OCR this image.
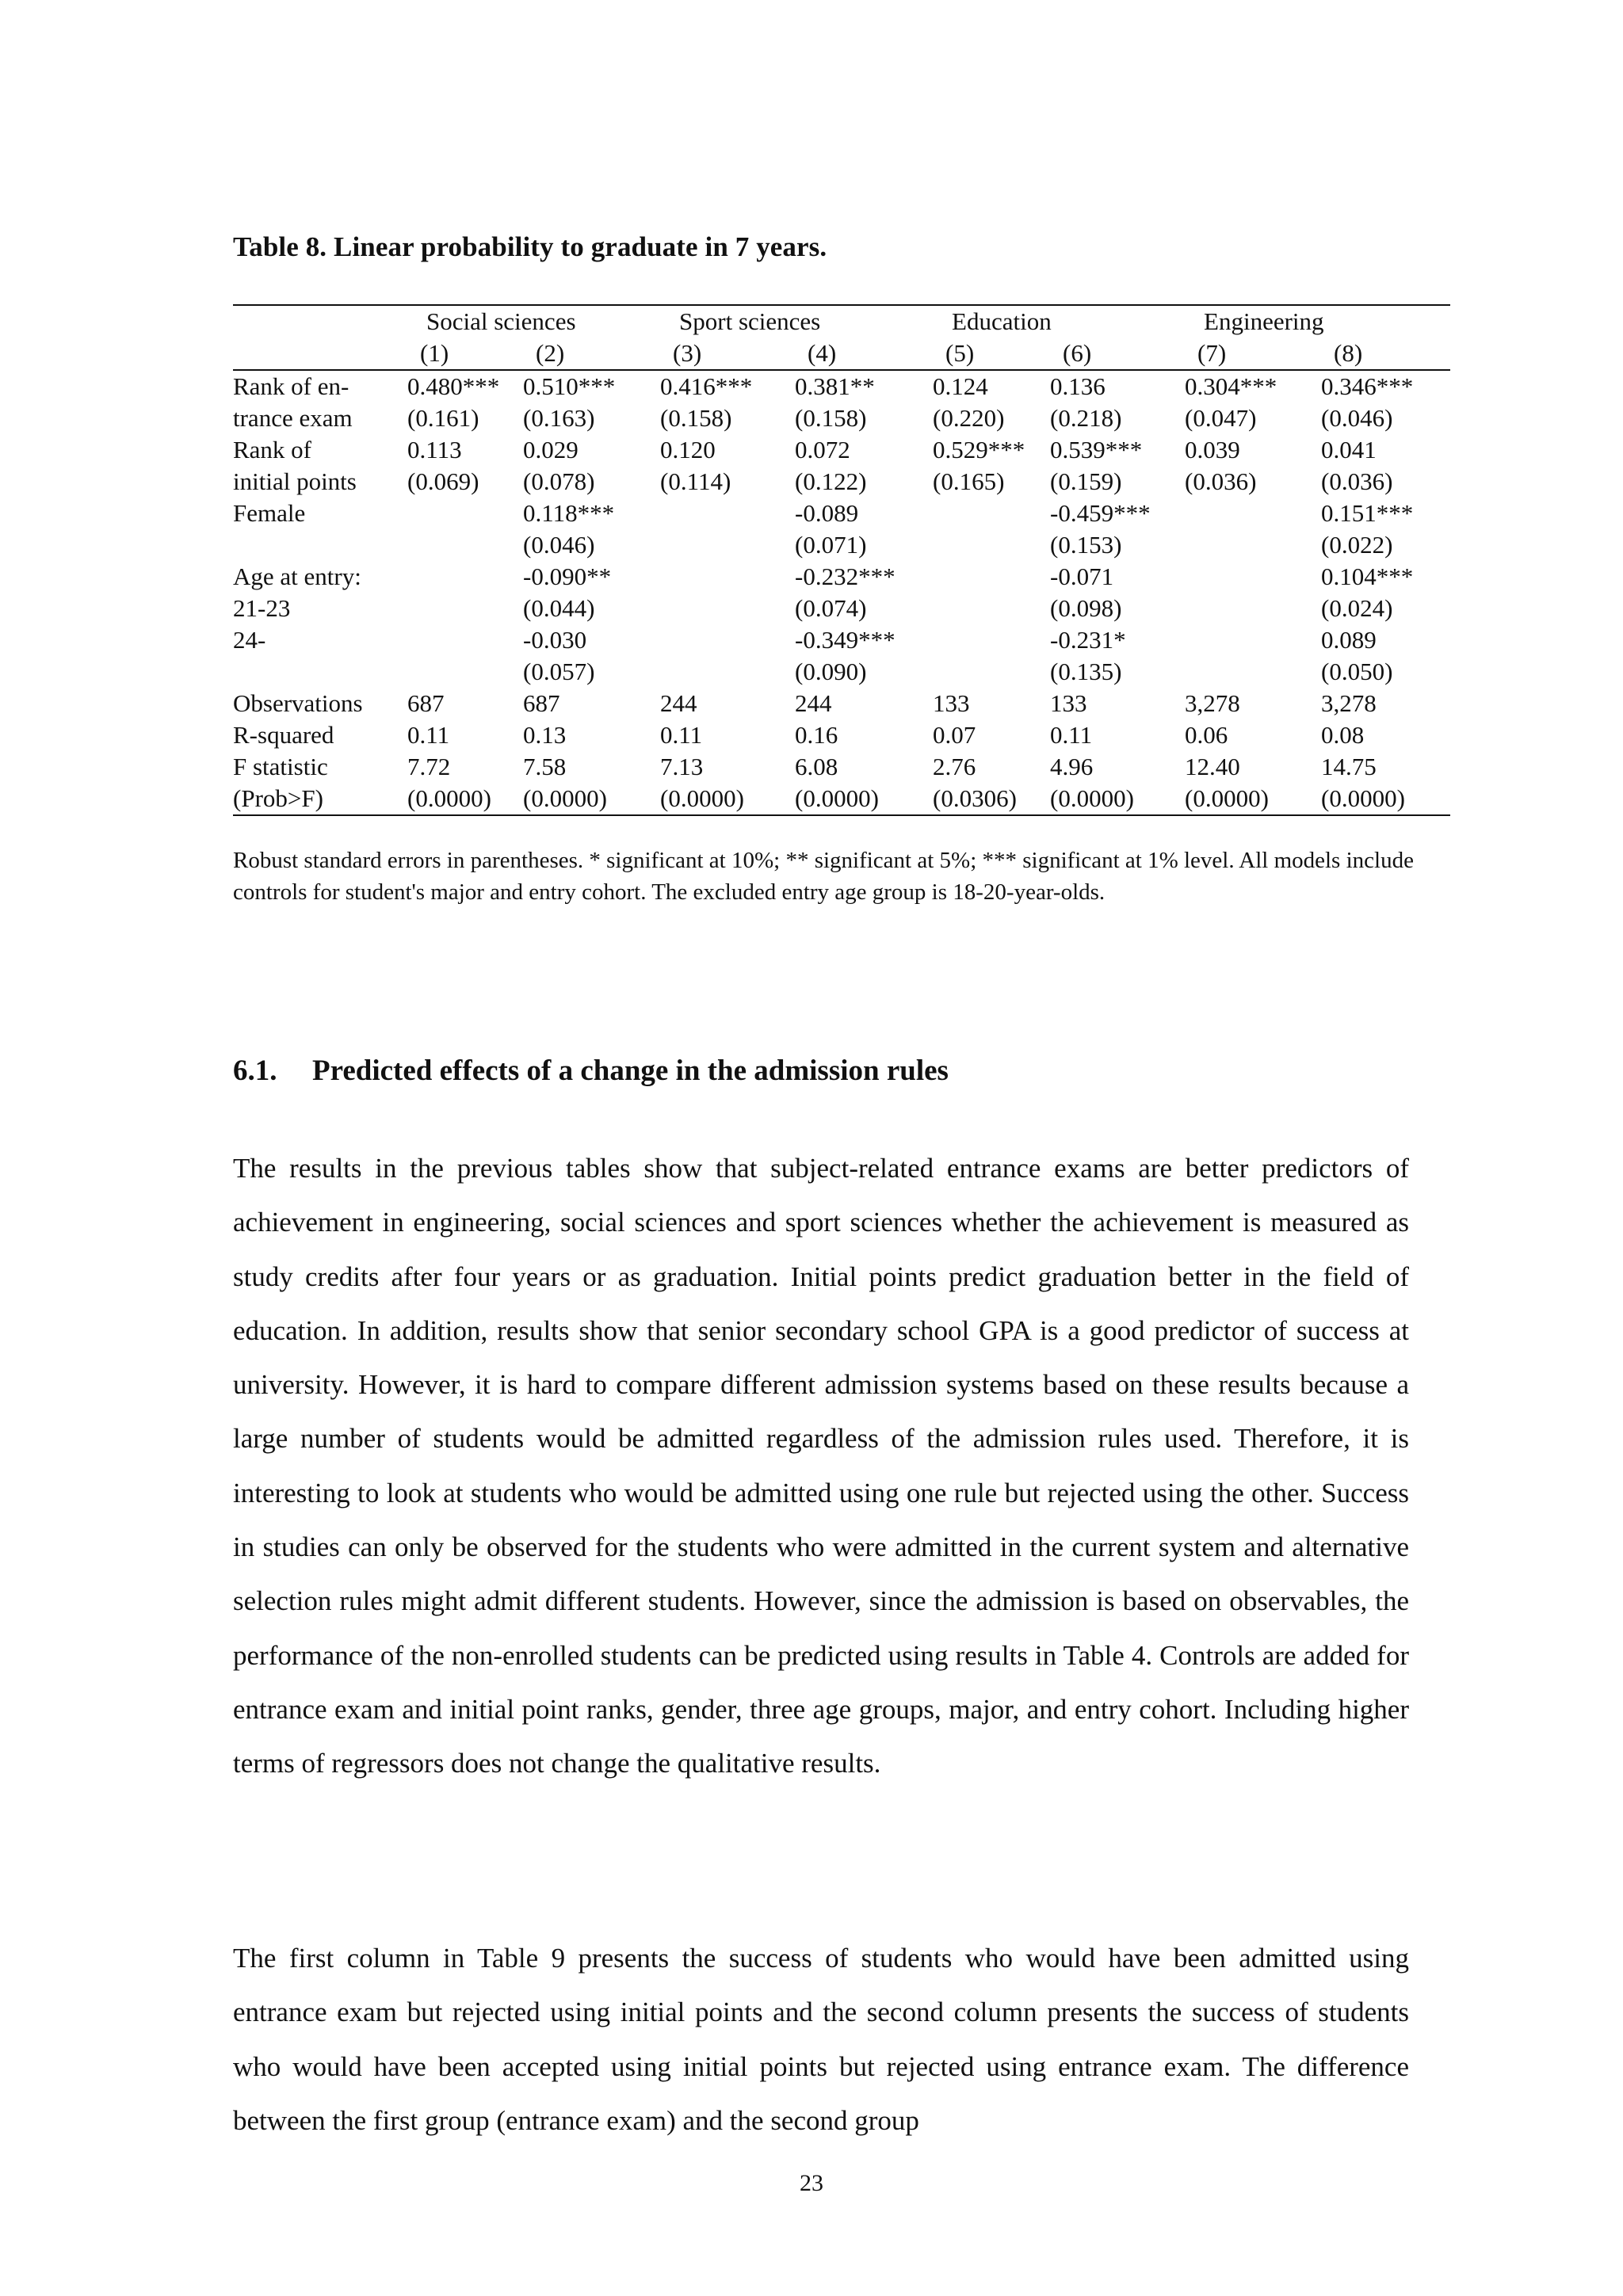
Table 8. Linear probability to graduate in 7 years.
	Social sciences		Sport sciences		Education		Engineering	
	(1)	(2)	(3)	(4)	(5)	(6)	(7)	(8)
Rank of en-	0.480***	0.510***	0.416***	0.381**	0.124	0.136	0.304***	0.346***
trance exam	(0.161)	(0.163)	(0.158)	(0.158)	(0.220)	(0.218)	(0.047)	(0.046)
Rank of	0.113	0.029	0.120	0.072	0.529***	0.539***	0.039	0.041
initial points	(0.069)	(0.078)	(0.114)	(0.122)	(0.165)	(0.159)	(0.036)	(0.036)
Female		0.118***		-0.089		-0.459***		0.151***
		(0.046)		(0.071)		(0.153)		(0.022)
Age at entry:		-0.090**		-0.232***		-0.071		0.104***
21-23		(0.044)		(0.074)		(0.098)		(0.024)
24-		-0.030		-0.349***		-0.231*		0.089
		(0.057)		(0.090)		(0.135)		(0.050)
Observations	687	687	244	244	133	133	3,278	3,278
R-squared	0.11	0.13	0.11	0.16	0.07	0.11	0.06	0.08
F statistic	7.72	7.58	7.13	6.08	2.76	4.96	12.40	14.75
(Prob>F)	(0.0000)	(0.0000)	(0.0000)	(0.0000)	(0.0306)	(0.0000)	(0.0000)	(0.0000)

Robust standard errors in parentheses. * significant at 10%; ** significant at 5%; *** significant at 1% level. All models include controls for student's major and entry cohort. The excluded entry age group is 18-20-year-olds.

6.1. Predicted effects of a change in the admission rules

The results in the previous tables show that subject-related entrance exams are better predictors of achievement in engineering, social sciences and sport sciences whether the achievement is measured as study credits after four years or as graduation. Initial points predict graduation better in the field of education. In addition, results show that senior secondary school GPA is a good predictor of success at university. However, it is hard to compare different admission systems based on these results because a large number of students would be admitted regardless of the admission rules used. Therefore, it is interesting to look at students who would be admitted using one rule but rejected using the other. Success in studies can only be observed for the students who were admitted in the current system and alternative selection rules might admit different students. However, since the admission is based on observables, the performance of the non-enrolled students can be predicted using results in Table 4. Controls are added for entrance exam and initial point ranks, gender, three age groups, major, and entry cohort. Including higher terms of regressors does not change the qualitative results.

The first column in Table 9 presents the success of students who would have been admitted using entrance exam but rejected using initial points and the second column presents the success of students who would have been accepted using initial points but rejected using entrance exam. The difference between the first group (entrance exam) and the second group

23
